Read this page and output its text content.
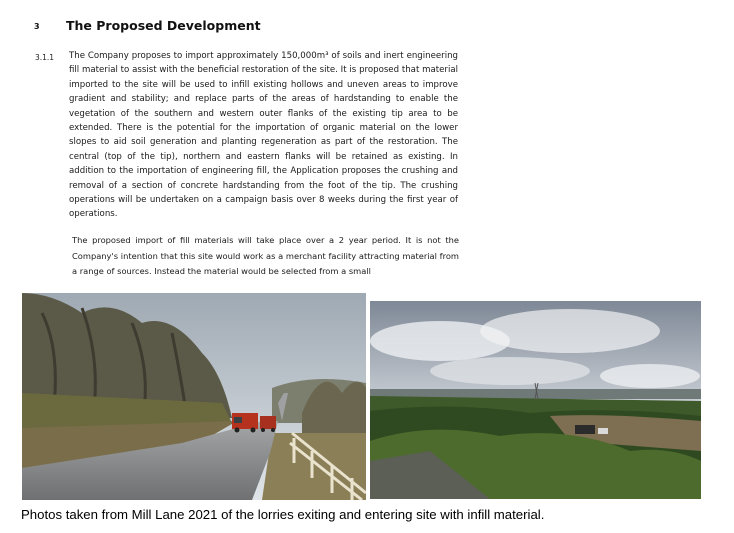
3 The Proposed Development
3.1.1 The Company proposes to import approximately 150,000m³ of soils and inert engineering fill material to assist with the beneficial restoration of the site. It is proposed that material imported to the site will be used to infill existing hollows and uneven areas to improve gradient and stability; and replace parts of the areas of hardstanding to enable the vegetation of the southern and western outer flanks of the existing tip area to be extended. There is the potential for the importation of organic material on the lower slopes to aid soil generation and planting regeneration as part of the restoration. The central (top of the tip), northern and eastern flanks will be retained as existing. In addition to the importation of engineering fill, the Application proposes the crushing and removal of a section of concrete hardstanding from the foot of the tip. The crushing operations will be undertaken on a campaign basis over 8 weeks during the first year of operations.

The proposed import of fill materials will take place over a 2 year period. It is not the Company's intention that this site would work as a merchant facility attracting material from a range of sources. Instead the material would be selected from a small

Photos taken from Mill Lane 2021 of the lorries exiting and entering site with infill material.
